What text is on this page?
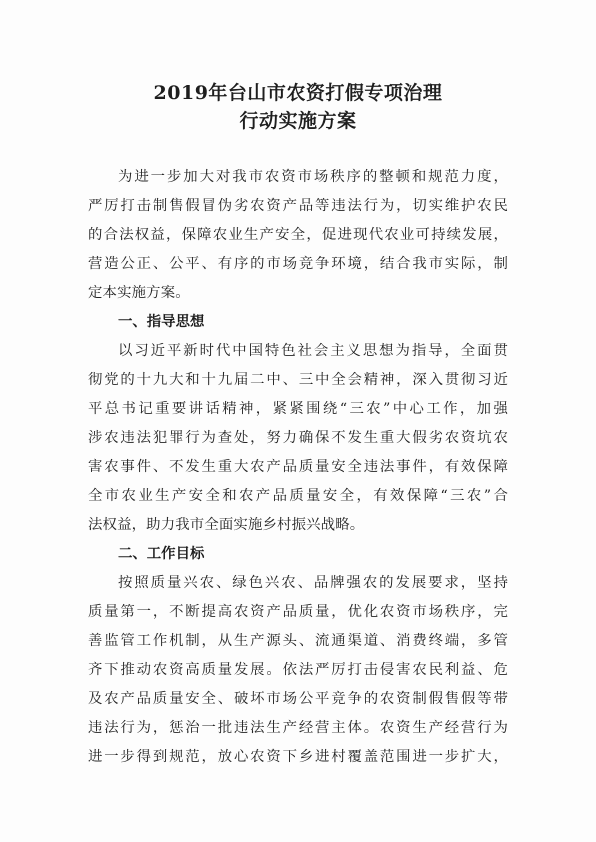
2019年台山市农资打假专项治理
行动实施方案
为进一步加大对我市农资市场秩序的整顿和规范力度，
严厉打击制售假冒伪劣农资产品等违法行为，切实维护农民
的合法权益，保障农业生产安全，促进现代农业可持续发展，
营造公正、公平、有序的市场竞争环境，结合我市实际，制
定本实施方案。
一、指导思想
以习近平新时代中国特色社会主义思想为指导，全面贯
彻党的十九大和十九届二中、三中全会精神，深入贯彻习近
平总书记重要讲话精神，紧紧围绕“三农”中心工作，加强
涉农违法犯罪行为查处，努力确保不发生重大假劣农资坑农
害农事件、不发生重大农产品质量安全违法事件，有效保障
全市农业生产安全和农产品质量安全，有效保障“三农”合
法权益，助力我市全面实施乡村振兴战略。
二、工作目标
按照质量兴农、绿色兴农、品牌强农的发展要求，坚持
质量第一，不断提高农资产品质量，优化农资市场秩序，完
善监管工作机制，从生产源头、流通渠道、消费终端，多管
齐下推动农资高质量发展。依法严厉打击侵害农民利益、危
及农产品质量安全、破坏市场公平竞争的农资制假售假等带
违法行为，惩治一批违法生产经营主体。农资生产经营行为
进一步得到规范，放心农资下乡进村覆盖范围进一步扩大，
